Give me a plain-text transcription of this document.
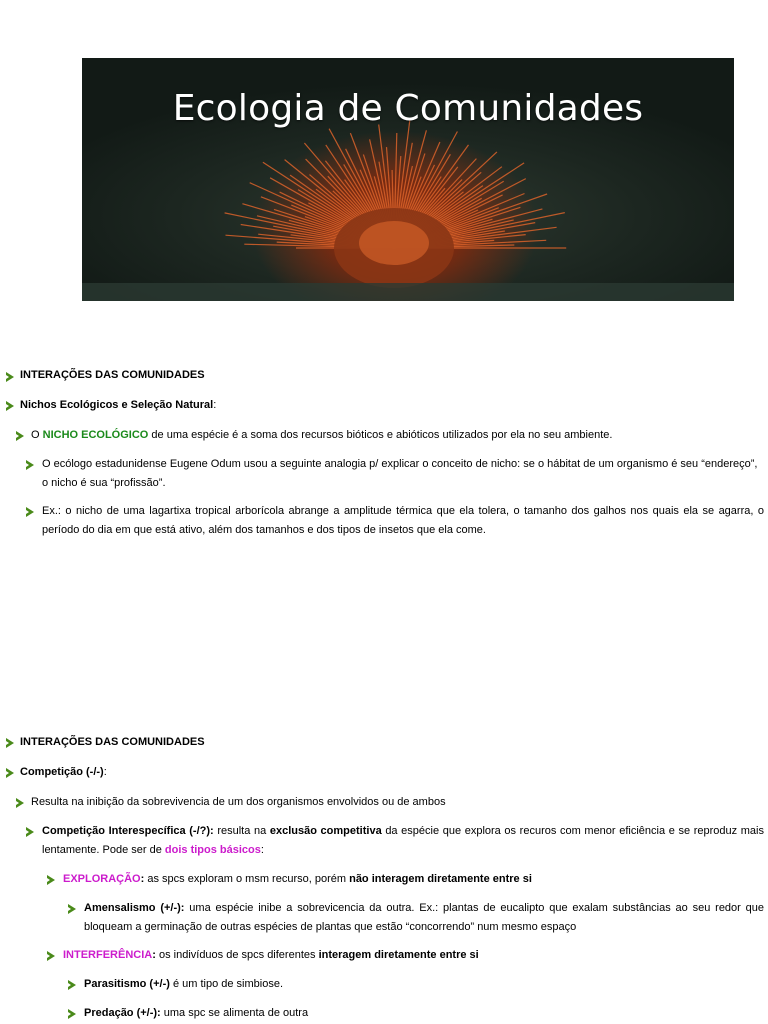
Ecologia de Comunidades
INTERAÇÕES DAS COMUNIDADES
Nichos Ecológicos e Seleção Natural:
O NICHO ECOLÓGICO de uma espécie é a soma dos recursos bióticos e abióticos utilizados por ela no seu ambiente.
O ecólogo estadunidense Eugene Odum usou a seguinte analogia p/ explicar o conceito de nicho: se o hábitat de um organismo é seu “endereço”,
o nicho é sua “profissão”.
Ex.: o nicho de uma lagartixa tropical arborícola abrange a amplitude térmica que ela tolera, o tamanho dos galhos nos quais ela se agarra, o
período do dia em que está ativo, além dos tamanhos e dos tipos de insetos que ela come.
INTERAÇÕES DAS COMUNIDADES
Competição (-/-):
Resulta na inibição da sobrevivencia de um dos organismos envolvidos ou de ambos
Competição Interespecífica (-/?): resulta na exclusão competitiva da espécie que explora os recuros com menor eficiência e se reproduz mais
lentamente. Pode ser de dois tipos básicos:
EXPLORAÇÃO: as spcs exploram o msm recurso, porém não interagem diretamente entre si
Amensalismo (+/-): uma espécie inibe a sobrevicencia da outra. Ex.: plantas de eucalipto que exalam substâncias ao seu redor que
bloqueam a germinação de outras espécies de plantas que estão “concorrendo” num mesmo espaço
INTERFERÊNCIA: os indivíduos de spcs diferentes interagem diretamente entre si
Parasitismo (+/-) é um tipo de simbiose.
Predação (+/-): uma spc se alimenta de outra
